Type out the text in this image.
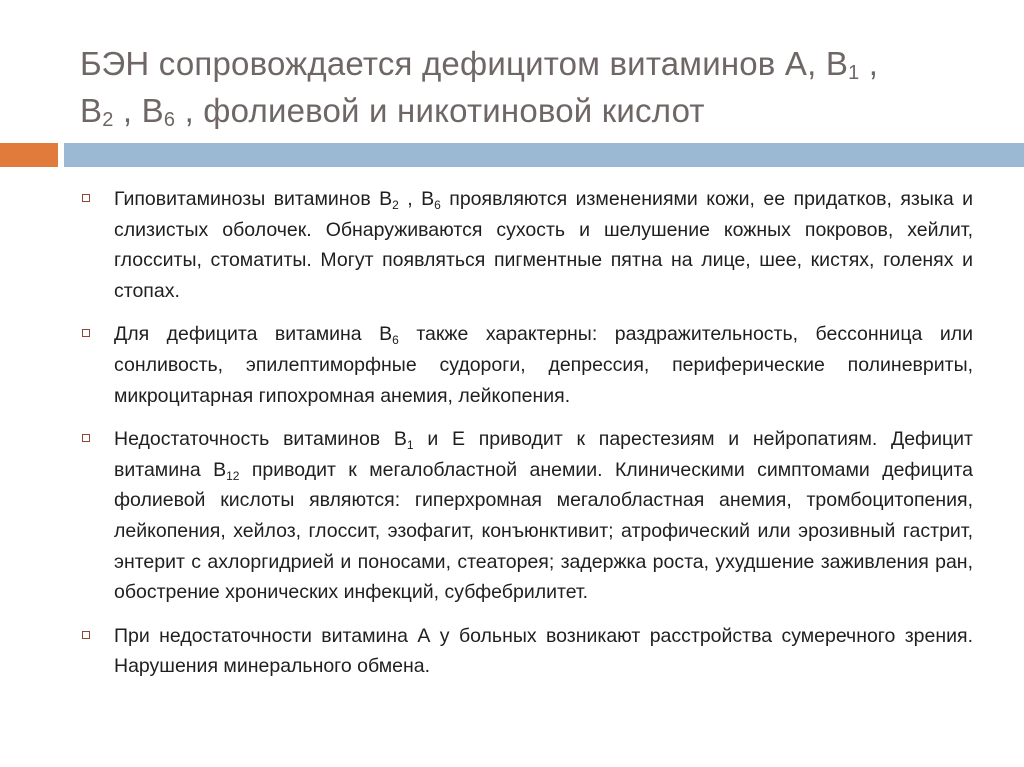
БЭН сопровождается дефицитом витаминов А, $В_1$ ,
$В_2$ , $В_6$ , фолиевой и никотиновой кислот
Гиповитаминозы витаминов $В_2$ , $В_6$ проявляются изменениями кожи, ее придатков, языка и слизистых оболочек. Обнаруживаются сухость и шелушение кожных покровов, хейлит, глосситы, стоматиты. Могут появляться пигментные пятна на лице, шее, кистях, голенях и стопах.
Для дефицита витамина $В_6$ также характерны: раздражительность, бессонница или сонливость, эпилептиморфные судороги, депрессия, периферические полиневриты, микроцитарная гипохромная анемия, лейкопения.
Недостаточность витаминов $В_1$ и Е приводит к парестезиям и нейропатиям. Дефицит витамина $В_{12}$ приводит к мегалобластной анемии. Клиническими симптомами дефицита фолиевой кислоты являются: гиперхромная мегалобластная анемия, тромбоцитопения, лейкопения, хейлоз, глоссит, эзофагит, конъюнктивит; атрофический или эрозивный гастрит, энтерит с ахлоргидрией и поносами, стеаторея; задержка роста, ухудшение заживления ран, обострение хронических инфекций, субфебрилитет.
При недостаточности витамина А у больных возникают расстройства сумеречного зрения. Нарушения минерального обмена.
